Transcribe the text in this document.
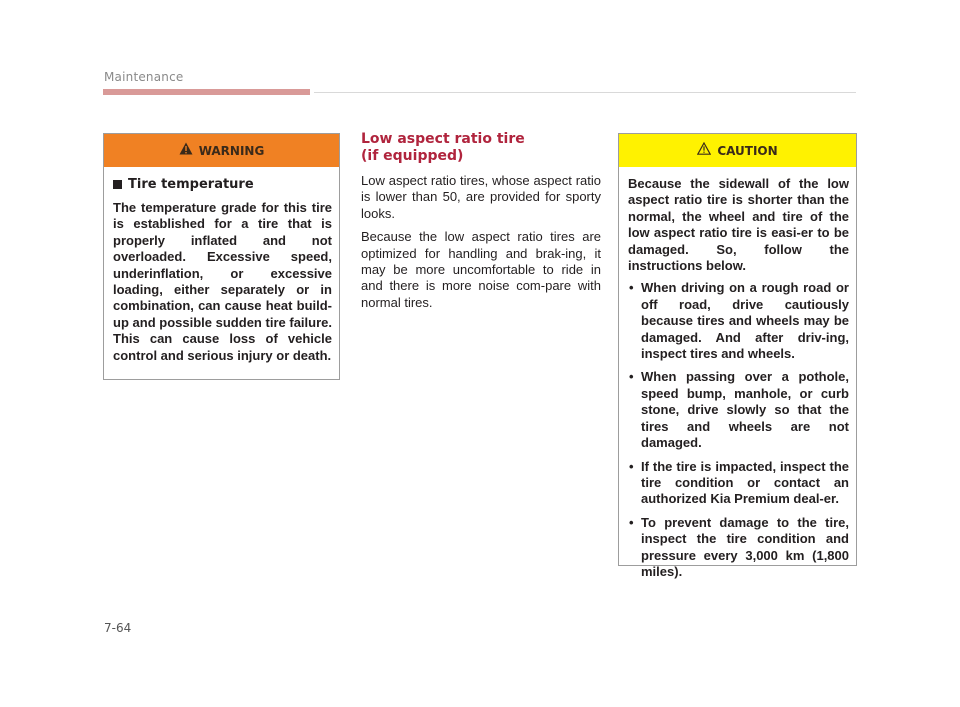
Maintenance
WARNING
Tire temperature

The temperature grade for this tire is established for a tire that is properly inflated and not overloaded. Excessive speed, underinflation, or excessive loading, either separately or in combination, can cause heat build-up and possible sudden tire failure. This can cause loss of vehicle control and serious injury or death.

Low aspect ratio tire
(if equipped)

Low aspect ratio tires, whose aspect ratio is lower than 50, are provided for sporty looks.

Because the low aspect ratio tires are optimized for handling and brak-ing, it may be more uncomfortable to ride in and there is more noise com-pare with normal tires.

CAUTION

Because the sidewall of the low aspect ratio tire is shorter than the normal, the wheel and tire of the low aspect ratio tire is easi-er to be damaged. So, follow the instructions below.

• When driving on a rough road or off road, drive cautiously because tires and wheels may be damaged. And after driv-ing, inspect tires and wheels.
• When passing over a pothole, speed bump, manhole, or curb stone, drive slowly so that the tires and wheels are not damaged.
• If the tire is impacted, inspect the tire condition or contact an authorized Kia Premium deal-er.
• To prevent damage to the tire, inspect the tire condition and pressure every 3,000 km (1,800 miles).
7-64
